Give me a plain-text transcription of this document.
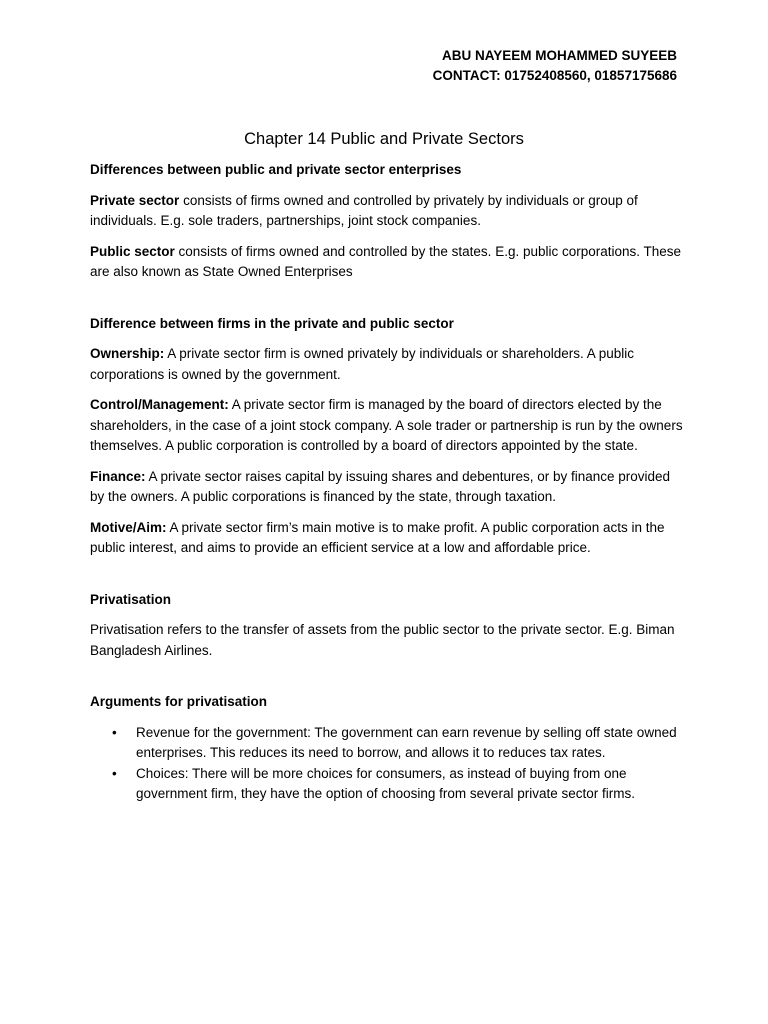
ABU NAYEEM MOHAMMED SUYEEB
CONTACT: 01752408560, 01857175686
Chapter 14 Public and Private Sectors

Differences between public and private sector enterprises

Private sector consists of firms owned and controlled by privately by individuals or group of individuals. E.g. sole traders, partnerships, joint stock companies.

Public sector consists of firms owned and controlled by the states. E.g. public corporations. These are also known as State Owned Enterprises

Difference between firms in the private and public sector

Ownership: A private sector firm is owned privately by individuals or shareholders. A public corporations is owned by the government.

Control/Management: A private sector firm is managed by the board of directors elected by the shareholders, in the case of a joint stock company. A sole trader or partnership is run by the owners themselves. A public corporation is controlled by a board of directors appointed by the state.

Finance: A private sector raises capital by issuing shares and debentures, or by finance provided by the owners. A public corporations is financed by the state, through taxation.

Motive/Aim: A private sector firm’s main motive is to make profit. A public corporation acts in the public interest, and aims to provide an efficient service at a low and affordable price.

Privatisation

Privatisation refers to the transfer of assets from the public sector to the private sector. E.g. Biman Bangladesh Airlines.

Arguments for privatisation

• Revenue for the government: The government can earn revenue by selling off state owned enterprises. This reduces its need to borrow, and allows it to reduces tax rates.
• Choices: There will be more choices for consumers, as instead of buying from one government firm, they have the option of choosing from several private sector firms.
